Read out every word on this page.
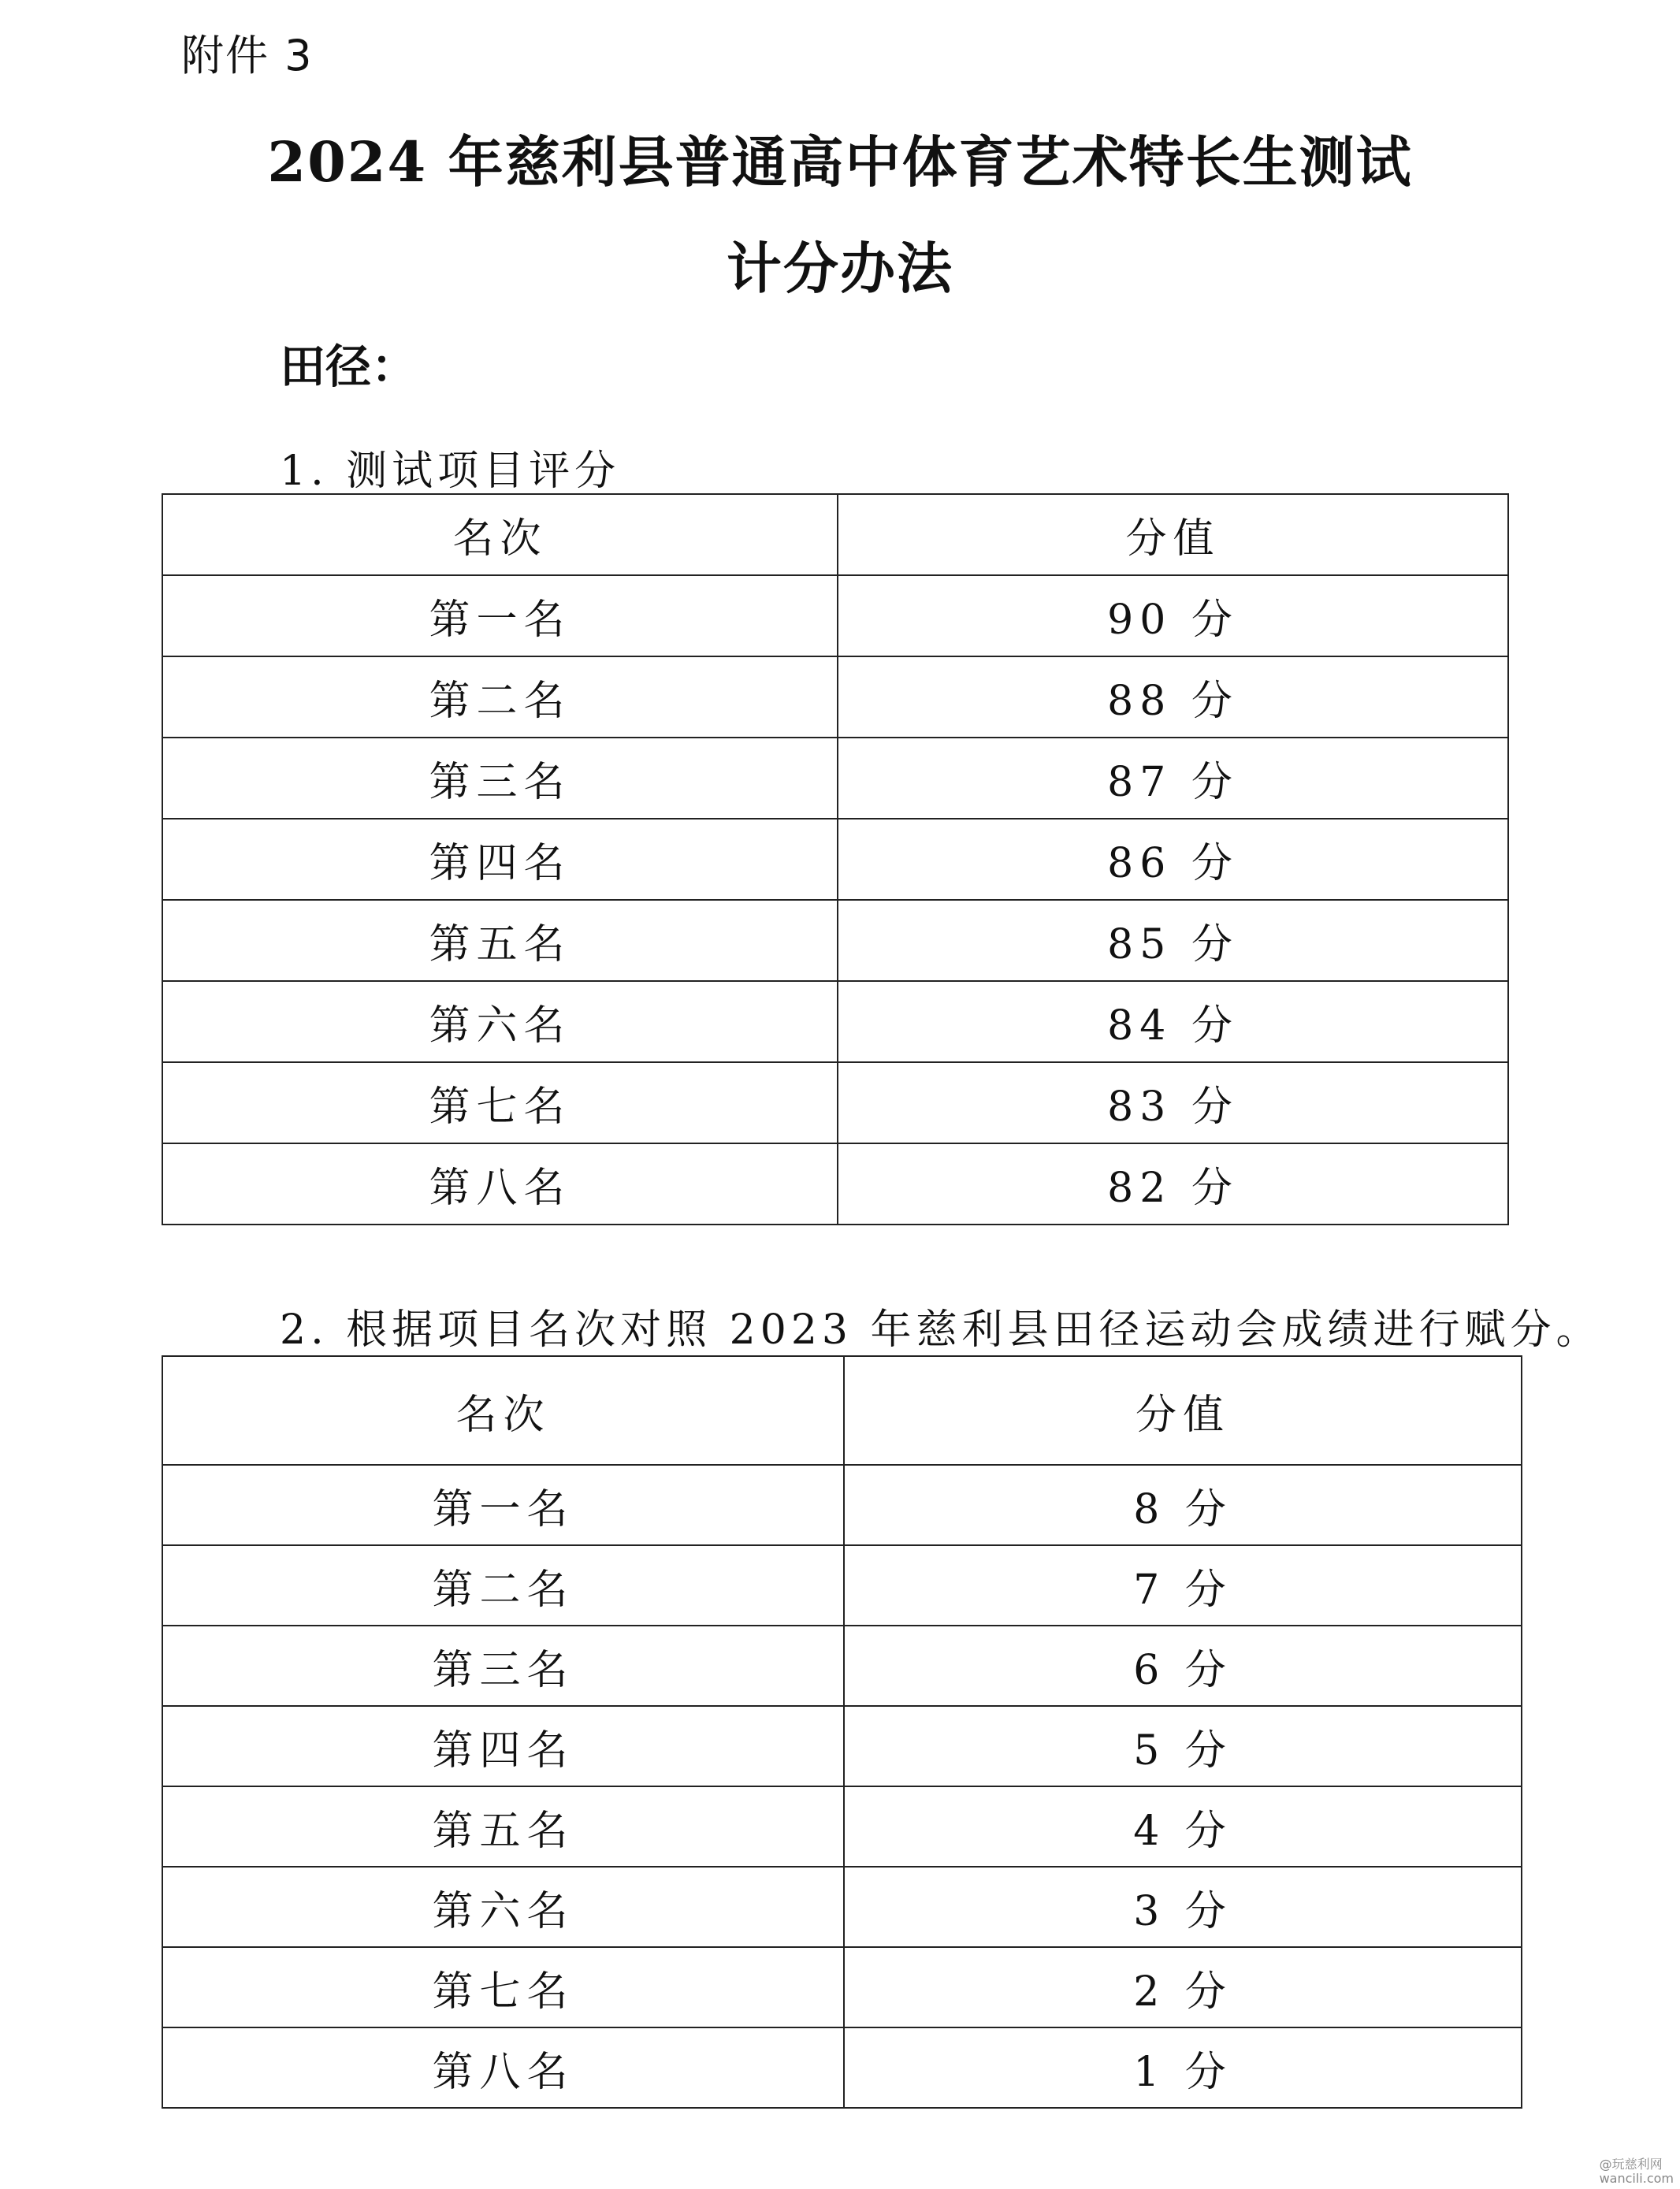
附件 3
2024 年慈利县普通高中体育艺术特长生测试
计分办法
田径：
1. 测试项目评分
名次	分值
第一名	90 分
第二名	88 分
第三名	87 分
第四名	86 分
第五名	85 分
第六名	84 分
第七名	83 分
第八名	82 分
2. 根据项目名次对照 2023 年慈利县田径运动会成绩进行赋分。
名次	分值
第一名	8 分
第二名	7 分
第三名	6 分
第四名	5 分
第五名	4 分
第六名	3 分
第七名	2 分
第八名	1 分
@玩慈利网
wancili.com
